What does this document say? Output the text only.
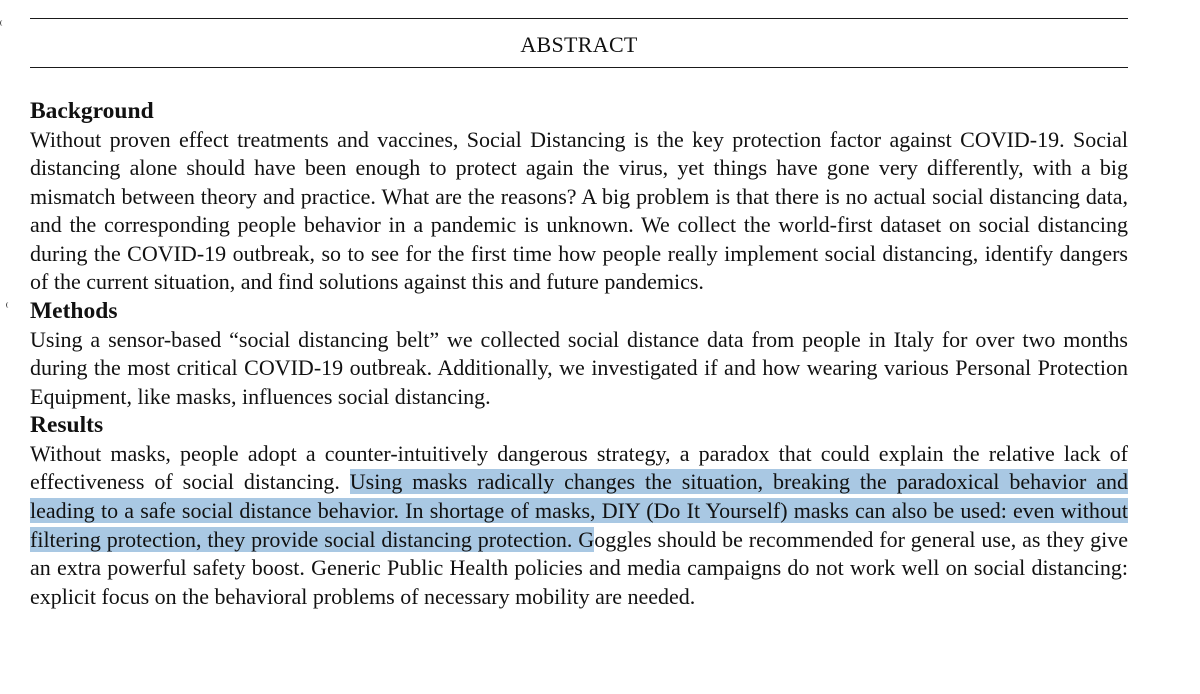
ABSTRACT
Background

Without proven effect treatments and vaccines, Social Distancing is the key protection factor against COVID-19. Social distancing alone should have been enough to protect again the virus, yet things have gone very differently, with a big mismatch between theory and practice. What are the reasons? A big problem is that there is no actual social distancing data, and the corresponding people behavior in a pandemic is unknown. We collect the world-first dataset on social distancing during the COVID-19 outbreak, so to see for the first time how people really implement social distancing, identify dangers of the current situation, and find solutions against this and future pandemics.

Methods

Using a sensor-based “social distancing belt” we collected social distance data from people in Italy for over two months during the most critical COVID-19 outbreak. Additionally, we investigated if and how wearing various Personal Protection Equipment, like masks, influences social distancing.

Results

Without masks, people adopt a counter-intuitively dangerous strategy, a paradox that could explain the relative lack of effectiveness of social distancing. Using masks radically changes the situation, breaking the paradoxical behavior and leading to a safe social distance behavior. In shortage of masks, DIY (Do It Yourself) masks can also be used: even without filtering protection, they provide social distancing protection. Goggles should be recommended for general use, as they give an extra powerful safety boost. Generic Public Health policies and media campaigns do not work well on social distancing: explicit focus on the behavioral problems of necessary mobility are needed.
